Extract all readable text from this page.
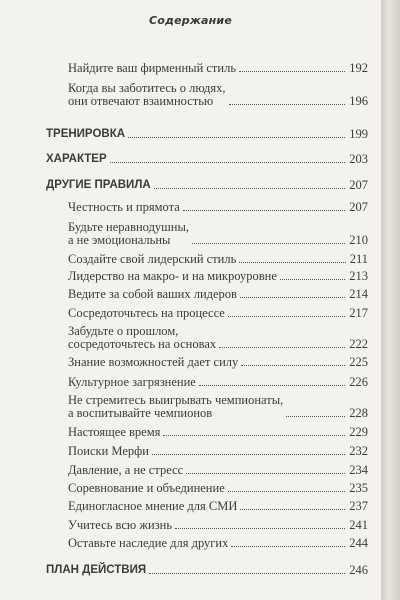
Содержание
Найдите ваш фирменный стиль	192
Когда вы заботитесь о людях,
они отвечают взаимностью	196
ТРЕНИРОВКА	199
ХАРАКТЕР	203
ДРУГИЕ ПРАВИЛА	207
Честность и прямота	207
Будьте неравнодушны,
а не эмоциональны	210
Создайте свой лидерский стиль	211
Лидерство на макро- и на микроуровне	213
Ведите за собой ваших лидеров	214
Сосредоточьтесь на процессе	217
Забудьте о прошлом,
сосредоточьтесь на основах	222
Знание возможностей дает силу	225
Культурное загрязнение	226
Не стремитесь выигрывать чемпионаты,
а воспитывайте чемпионов	228
Настоящее время	229
Поиски Мерфи	232
Давление, а не стресс	234
Соревнование и объединение	235
Единогласное мнение для СМИ	237
Учитесь всю жизнь	241
Оставьте наследие для других	244
ПЛАН ДЕЙСТВИЯ	246
